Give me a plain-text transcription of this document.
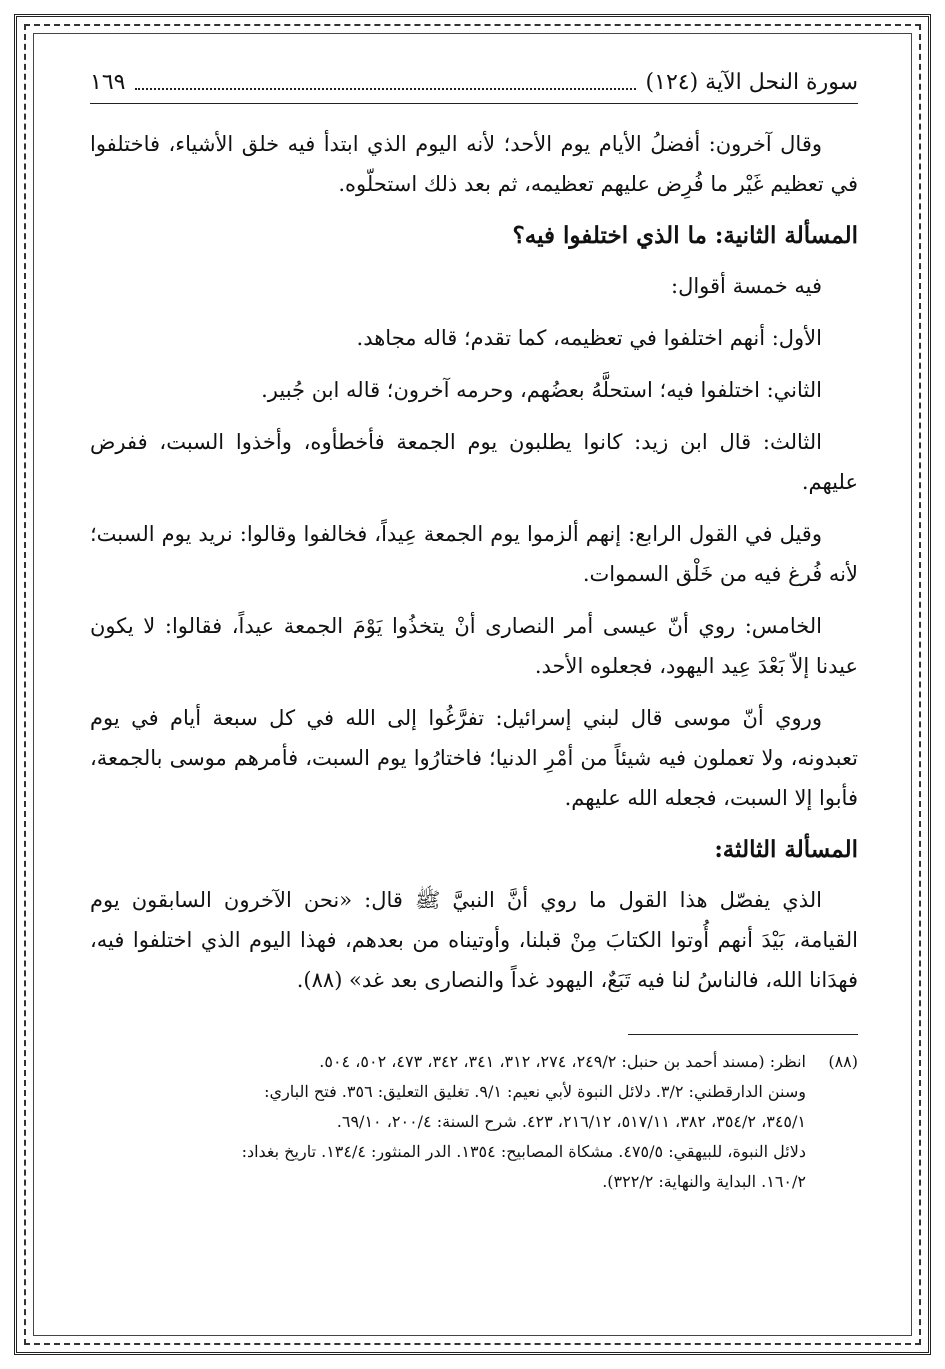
سورة النحل الآية (١٢٤)
١٦٩

وقال آخرون: أفضلُ الأيام يوم الأحد؛ لأنه اليوم الذي ابتدأ فيه خلق الأشياء، فاختلفوا في تعظيم غَيْر ما فُرِض عليهم تعظيمه، ثم بعد ذلك استحلّوه.

المسألة الثانية: ما الذي اختلفوا فيه؟

فيه خمسة أقوال:

الأول: أنهم اختلفوا في تعظيمه، كما تقدم؛ قاله مجاهد.

الثاني: اختلفوا فيه؛ استحلَّهُ بعضُهم، وحرمه آخرون؛ قاله ابن جُبير.

الثالث: قال ابن زيد: كانوا يطلبون يوم الجمعة فأخطأوه، وأخذوا السبت، ففرض عليهم.

وقيل في القول الرابع: إنهم ألزموا يوم الجمعة عِيداً، فخالفوا وقالوا: نريد يوم السبت؛ لأنه فُرغ فيه من خَلْق السموات.

الخامس: روي أنّ عيسى أمر النصارى أنْ يتخذُوا يَوْمَ الجمعة عيداً، فقالوا: لا يكون عيدنا إلاّ بَعْدَ عِيد اليهود، فجعلوه الأحد.

وروي أنّ موسى قال لبني إسرائيل: تفرَّغُوا إلى الله في كل سبعة أيام في يوم تعبدونه، ولا تعملون فيه شيئاً من أمْرِ الدنيا؛ فاختارُوا يوم السبت، فأمرهم موسى بالجمعة، فأبوا إلا السبت، فجعله الله عليهم.

المسألة الثالثة:

الذي يفصّل هذا القول ما روي أنَّ النبيَّ ﷺ قال: «نحن الآخرون السابقون يوم القيامة، بَيْدَ أنهم أُوتوا الكتابَ مِنْ قبلنا، وأوتيناه من بعدهم، فهذا اليوم الذي اختلفوا فيه، فهدَانا الله، فالناسُ لنا فيه تَبَعٌ، اليهود غداً والنصارى بعد غد» (٨٨).

(٨٨)
انظر: (مسند أحمد بن حنبل: ٢٤٩/٢، ٢٧٤، ٣١٢، ٣٤١، ٣٤٢، ٤٧٣، ٥٠٢، ٥٠٤.
وسنن الدارقطني: ٣/٢. دلائل النبوة لأبي نعيم: ٩/١. تغليق التعليق: ٣٥٦. فتح الباري:
٣٤٥/١، ٣٥٤/٢، ٣٨٢، ٥١٧/١١، ٢١٦/١٢، ٤٢٣. شرح السنة: ٢٠٠/٤، ٦٩/١٠.
دلائل النبوة، للبيهقي: ٤٧٥/٥. مشكاة المصابيح: ١٣٥٤. الدر المنثور: ١٣٤/٤. تاريخ بغداد:
١٦٠/٢. البداية والنهاية: ٣٢٢/٢).
